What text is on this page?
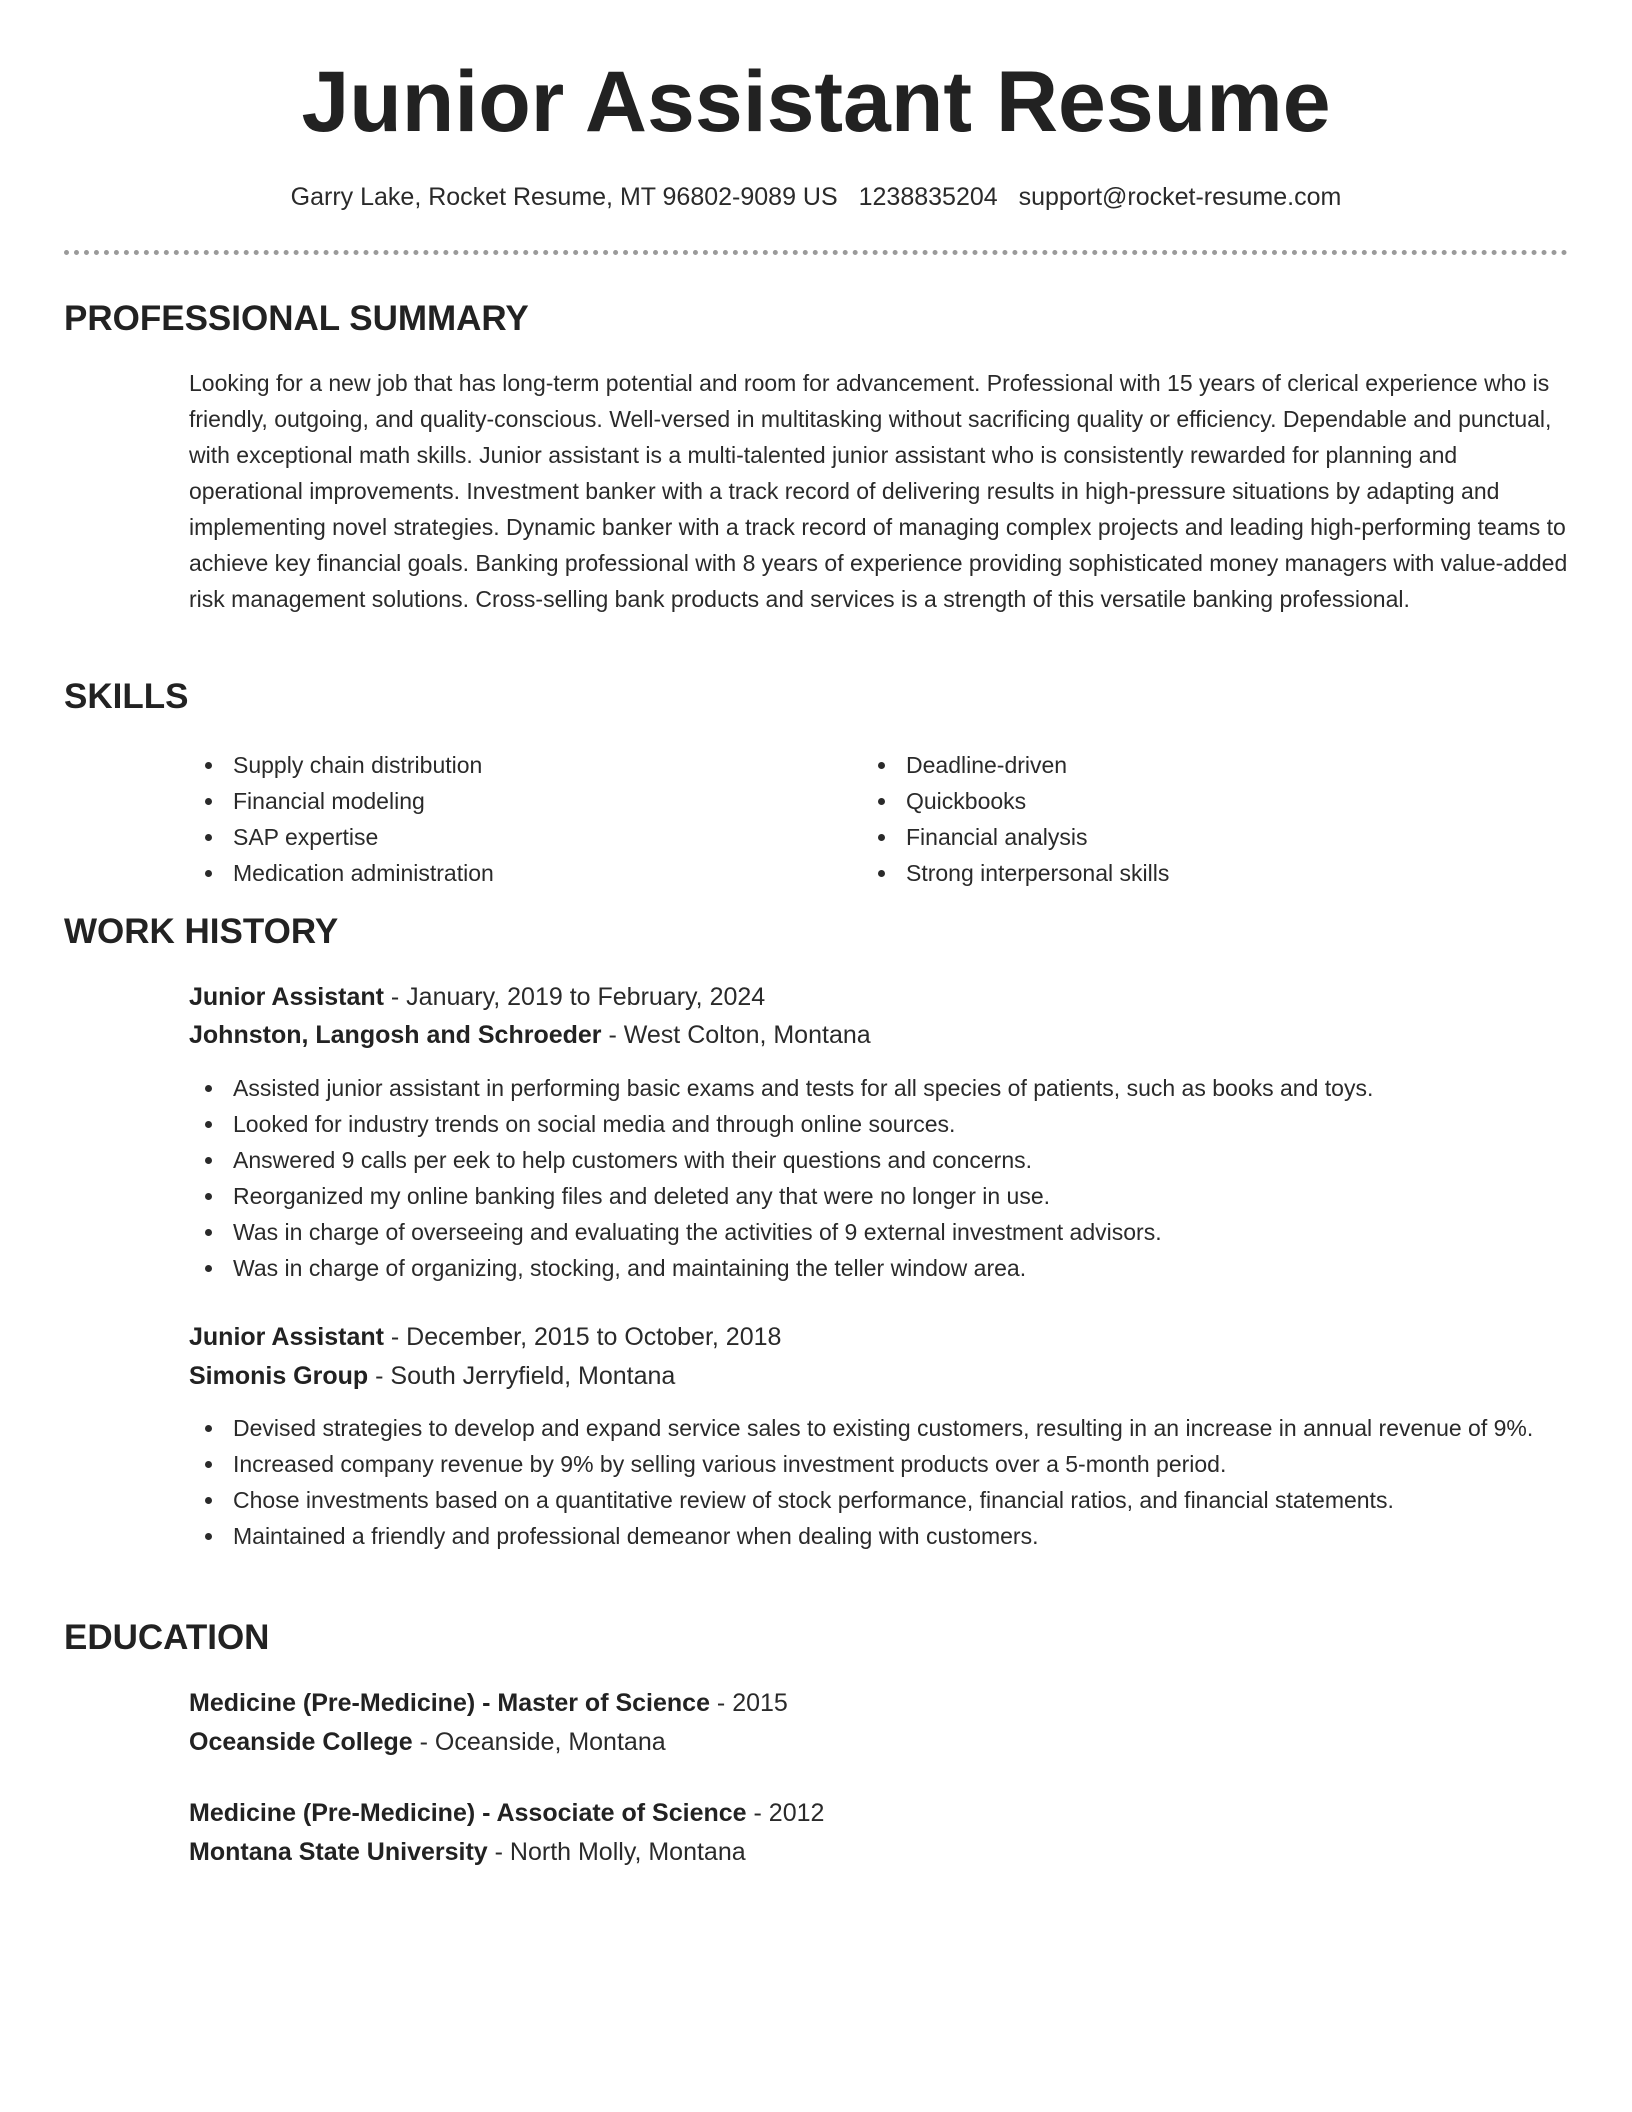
Junior Assistant Resume
Garry Lake, Rocket Resume, MT 96802-9089 US 1238835204 support@rocket-resume.com
PROFESSIONAL SUMMARY

Looking for a new job that has long-term potential and room for advancement. Professional with 15 years of clerical experience who is friendly, outgoing, and quality-conscious. Well-versed in multitasking without sacrificing quality or efficiency. Dependable and punctual, with exceptional math skills. Junior assistant is a multi-talented junior assistant who is consistently rewarded for planning and operational improvements. Investment banker with a track record of delivering results in high-pressure situations by adapting and implementing novel strategies. Dynamic banker with a track record of managing complex projects and leading high-performing teams to achieve key financial goals. Banking professional with 8 years of experience providing sophisticated money managers with value-added risk management solutions. Cross-selling bank products and services is a strength of this versatile banking professional.

SKILLS
Supply chain distribution
Financial modeling
SAP expertise
Medication administration
Deadline-driven
Quickbooks
Financial analysis
Strong interpersonal skills
WORK HISTORY
Junior Assistant - January, 2019 to February, 2024
Johnston, Langosh and Schroeder - West Colton, Montana
Assisted junior assistant in performing basic exams and tests for all species of patients, such as books and toys.
Looked for industry trends on social media and through online sources.
Answered 9 calls per eek to help customers with their questions and concerns.
Reorganized my online banking files and deleted any that were no longer in use.
Was in charge of overseeing and evaluating the activities of 9 external investment advisors.
Was in charge of organizing, stocking, and maintaining the teller window area.
Junior Assistant - December, 2015 to October, 2018
Simonis Group - South Jerryfield, Montana
Devised strategies to develop and expand service sales to existing customers, resulting in an increase in annual revenue of 9%.
Increased company revenue by 9% by selling various investment products over a 5-month period.
Chose investments based on a quantitative review of stock performance, financial ratios, and financial statements.
Maintained a friendly and professional demeanor when dealing with customers.
EDUCATION
Medicine (Pre-Medicine) - Master of Science - 2015
Oceanside College - Oceanside, Montana
Medicine (Pre-Medicine) - Associate of Science - 2012
Montana State University - North Molly, Montana
